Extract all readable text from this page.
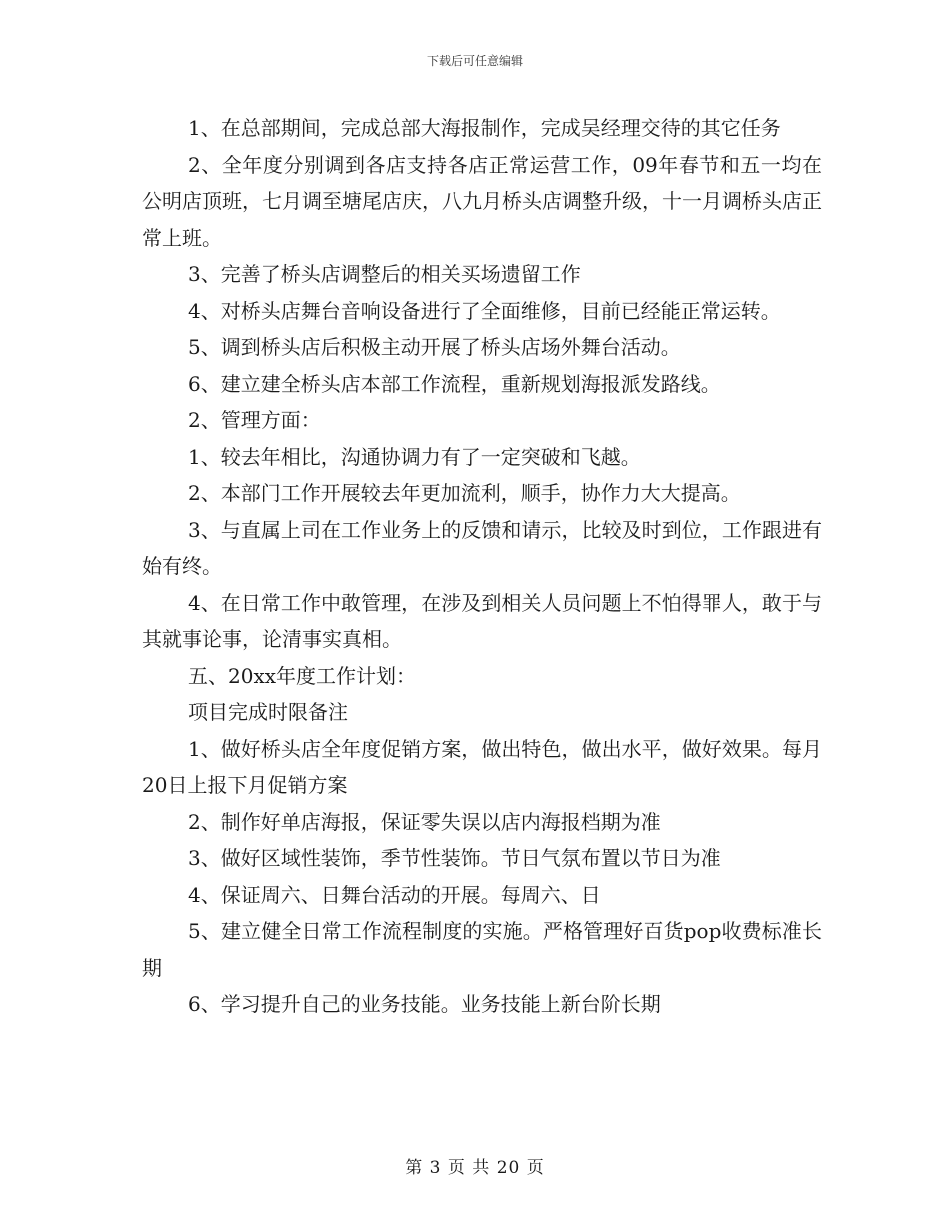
下载后可任意编辑

1、在总部期间，完成总部大海报制作，完成吴经理交待的其它任务

2、全年度分别调到各店支持各店正常运营工作，09年春节和五一均在公明店顶班，七月调至塘尾店庆，八九月桥头店调整升级，十一月调桥头店正常上班。

3、完善了桥头店调整后的相关买场遗留工作

4、对桥头店舞台音响设备进行了全面维修，目前已经能正常运转。

5、调到桥头店后积极主动开展了桥头店场外舞台活动。

6、建立建全桥头店本部工作流程，重新规划海报派发路线。

2、管理方面：

1、较去年相比，沟通协调力有了一定突破和飞越。

2、本部门工作开展较去年更加流利，顺手，协作力大大提高。

3、与直属上司在工作业务上的反馈和请示，比较及时到位，工作跟进有始有终。

4、在日常工作中敢管理，在涉及到相关人员问题上不怕得罪人，敢于与其就事论事，论清事实真相。

五、20xx年度工作计划：

项目完成时限备注

1、做好桥头店全年度促销方案，做出特色，做出水平，做好效果。每月20日上报下月促销方案

2、制作好单店海报，保证零失误以店内海报档期为准

3、做好区域性装饰，季节性装饰。节日气氛布置以节日为准

4、保证周六、日舞台活动的开展。每周六、日

5、建立健全日常工作流程制度的实施。严格管理好百货pop收费标准长期

6、学习提升自己的业务技能。业务技能上新台阶长期

第 3 页 共 20 页
